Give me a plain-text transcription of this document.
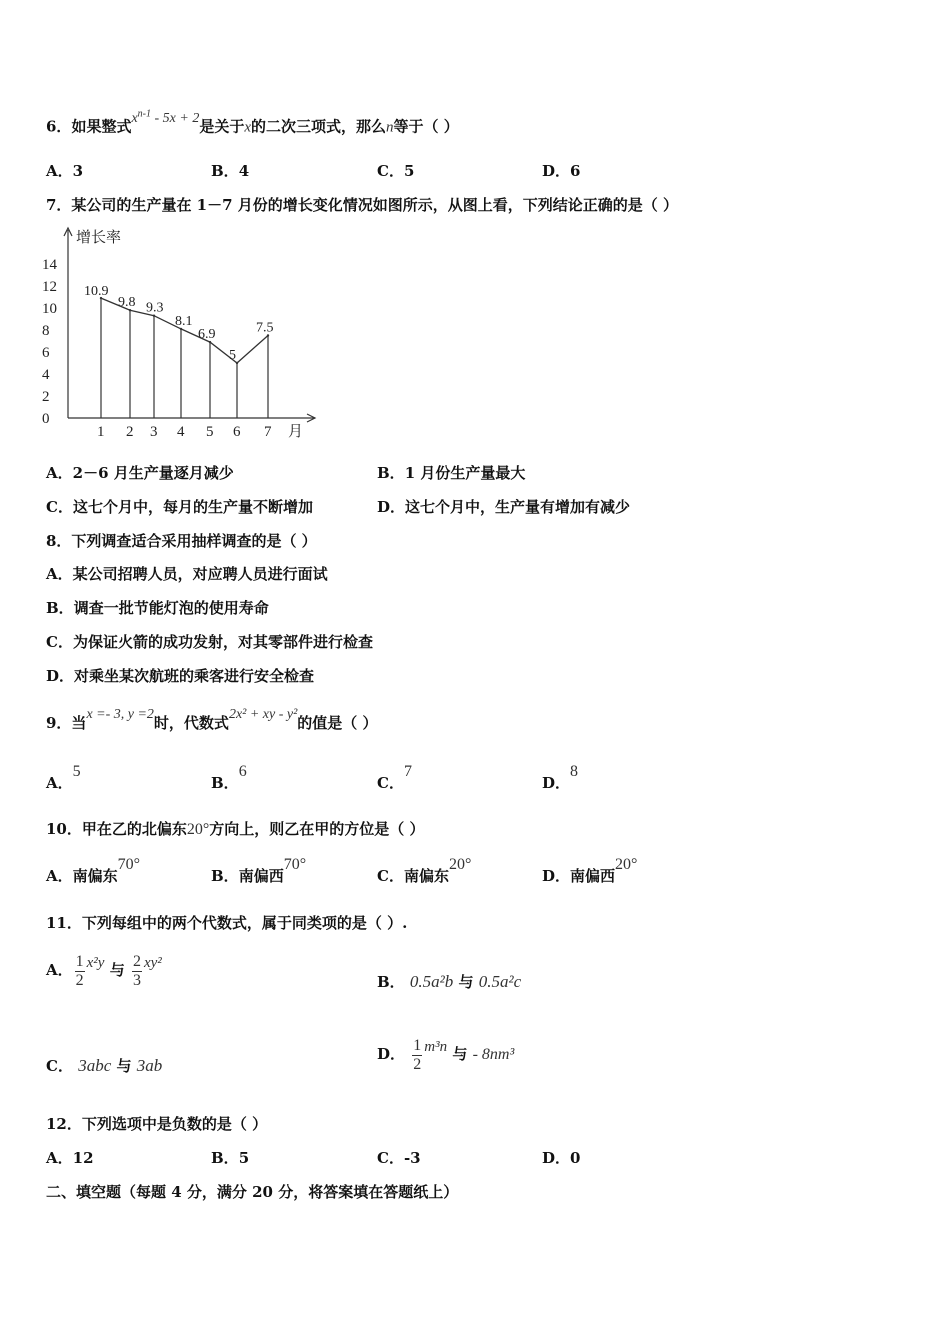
6．如果整式$x^{n-1} - 5x + 2$是关于x的二次三项式，那么n等于（ ）
A．3	B．4	C．5	D．6
7．某公司的生产量在 1－7 月份的增长变化情况如图所示，从图上看，下列结论正确的是（ ）
0
2
4
6
8
10
12
14
1 2 3 4 5 6 7
10.9
9.8 9.3
8.1
6.9
5
7.5
增长率
月
A．2－6 月生产量逐月减少	B．1 月份生产量最大
C．这七个月中，每月的生产量不断增加	D．这七个月中，生产量有增加有减少
8．下列调查适合采用抽样调查的是（ ）
A．某公司招聘人员，对应聘人员进行面试
B．调查一批节能灯泡的使用寿命
C．为保证火箭的成功发射，对其零部件进行检查
D．对乘坐某次航班的乘客进行安全检查
9．当x =- 3, y =2时，代数式2x² + xy - y²的值是（ ）
A．5
B．6
C．7
D．8
10．甲在乙的北偏东20°方向上，则乙在甲的方位是（ ）
A．南偏东70°
B．南偏西70°
C．南偏东20°
D．南偏西20°
11．下列每组中的两个代数式，属于同类项的是（ ）.
A． $\frac{1}{2} x^2y$ 与 $\frac{2}{3} xy^2$
B． 0.5a²b 与 0.5a²c
C． 3abc 与 3ab
D． $\frac{1}{2} m^3n$ 与 - 8nm³
12．下列选项中是负数的是（ ）
A．12	B．5	C．-3	D．0
二、填空题（每题 4 分，满分 20 分，将答案填在答题纸上）
